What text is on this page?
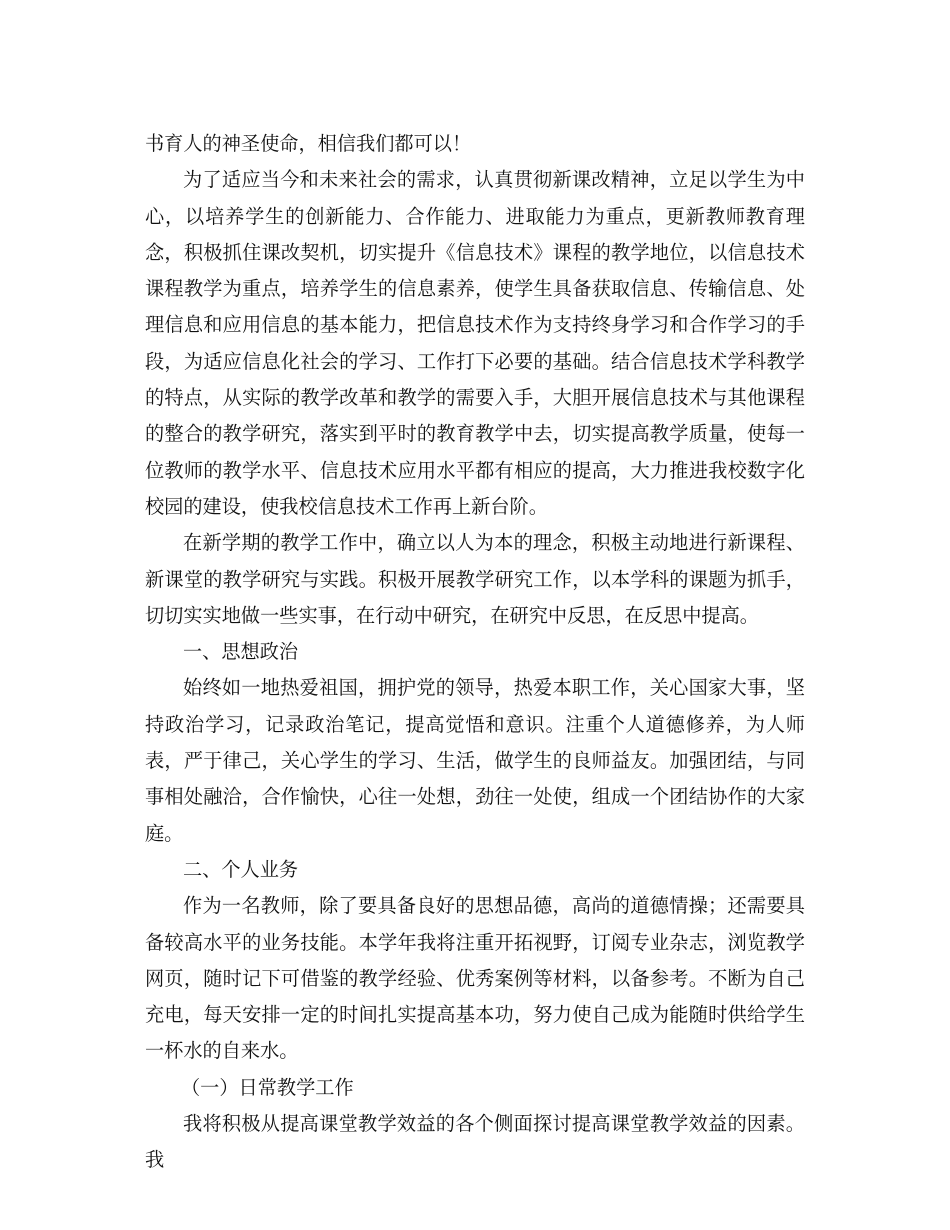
书育人的神圣使命，相信我们都可以！

为了适应当今和未来社会的需求，认真贯彻新课改精神，立足以学生为中心，以培养学生的创新能力、合作能力、进取能力为重点，更新教师教育理念，积极抓住课改契机，切实提升《信息技术》课程的教学地位，以信息技术课程教学为重点，培养学生的信息素养，使学生具备获取信息、传输信息、处理信息和应用信息的基本能力，把信息技术作为支持终身学习和合作学习的手段，为适应信息化社会的学习、工作打下必要的基础。结合信息技术学科教学的特点，从实际的教学改革和教学的需要入手，大胆开展信息技术与其他课程的整合的教学研究，落实到平时的教育教学中去，切实提高教学质量，使每一位教师的教学水平、信息技术应用水平都有相应的提高，大力推进我校数字化校园的建设，使我校信息技术工作再上新台阶。

在新学期的教学工作中，确立以人为本的理念，积极主动地进行新课程、新课堂的教学研究与实践。积极开展教学研究工作，以本学科的课题为抓手，切切实实地做一些实事，在行动中研究，在研究中反思，在反思中提高。

一、思想政治

始终如一地热爱祖国，拥护党的领导，热爱本职工作，关心国家大事，坚持政治学习，记录政治笔记，提高觉悟和意识。注重个人道德修养，为人师表，严于律己，关心学生的学习、生活，做学生的良师益友。加强团结，与同事相处融洽，合作愉快，心往一处想，劲往一处使，组成一个团结协作的大家庭。

二、个人业务

作为一名教师，除了要具备良好的思想品德，高尚的道德情操；还需要具备较高水平的业务技能。本学年我将注重开拓视野，订阅专业杂志，浏览教学网页，随时记下可借鉴的教学经验、优秀案例等材料，以备参考。不断为自己充电，每天安排一定的时间扎实提高基本功，努力使自己成为能随时供给学生一杯水的自来水。

（一）日常教学工作

我将积极从提高课堂教学效益的各个侧面探讨提高课堂教学效益的因素。我
